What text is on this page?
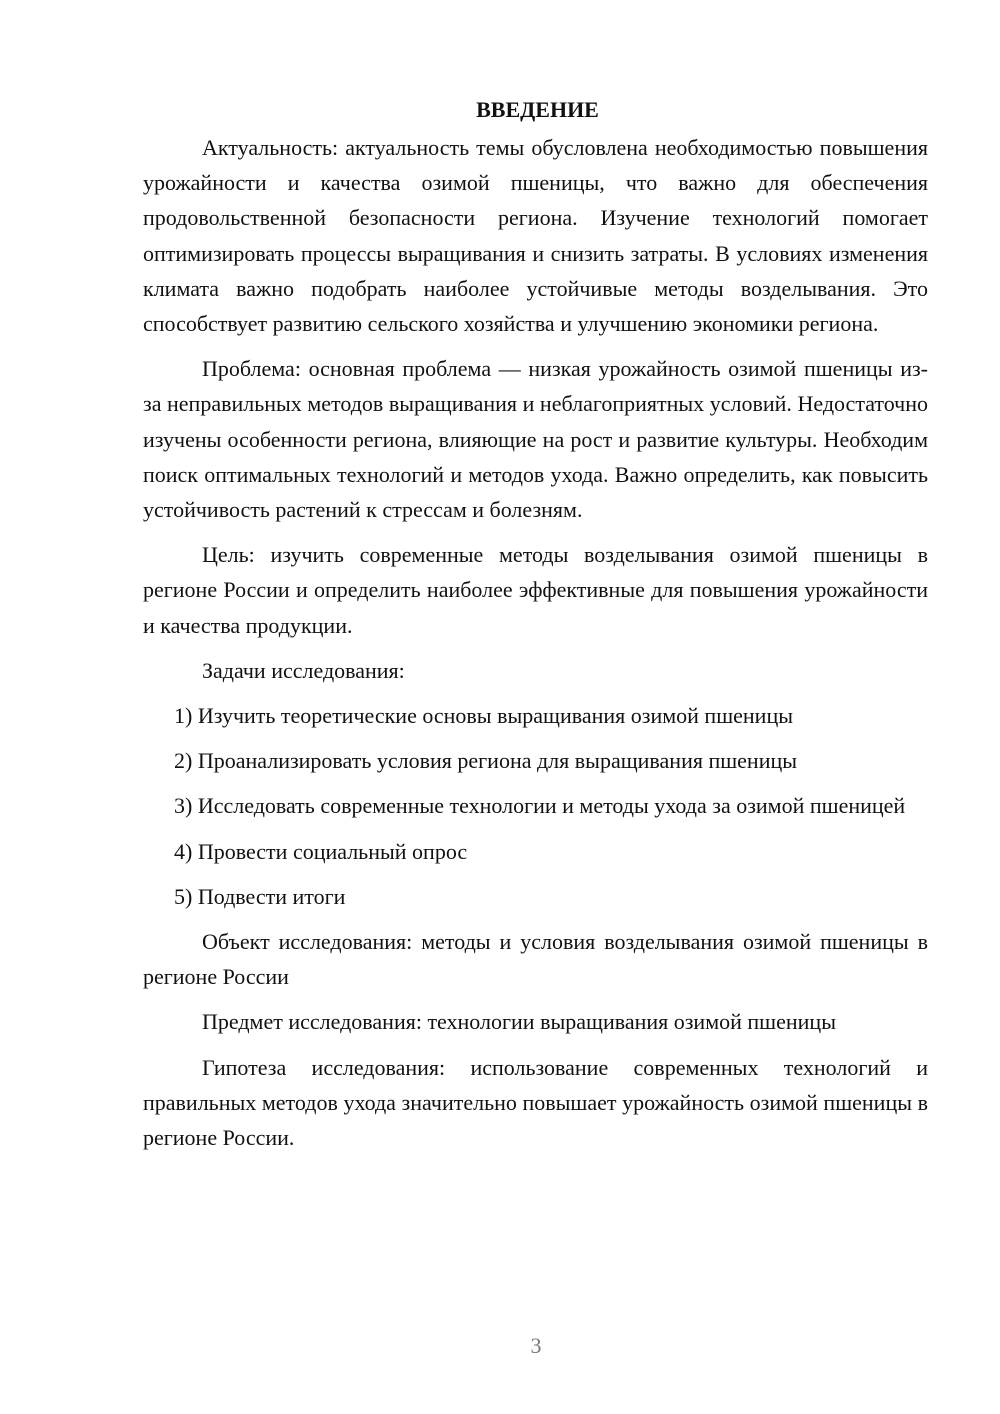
ВВЕДЕНИЕ

Актуальность: актуальность темы обусловлена необходимостью повышения урожайности и качества озимой пшеницы, что важно для обеспечения продовольственной безопасности региона. Изучение технологий помогает оптимизировать процессы выращивания и снизить затраты. В условиях изменения климата важно подобрать наиболее устойчивые методы возделывания. Это способствует развитию сельского хозяйства и улучшению экономики региона.

Проблема: основная проблема — низкая урожайность озимой пшеницы из-за неправильных методов выращивания и неблагоприятных условий. Недостаточно изучены особенности региона, влияющие на рост и развитие культуры. Необходим поиск оптимальных технологий и методов ухода. Важно определить, как повысить устойчивость растений к стрессам и болезням.

Цель: изучить современные методы возделывания озимой пшеницы в регионе России и определить наиболее эффективные для повышения урожайности и качества продукции.

Задачи исследования:

1) Изучить теоретические основы выращивания озимой пшеницы

2) Проанализировать условия региона для выращивания пшеницы

3) Исследовать современные технологии и методы ухода за озимой пшеницей

4) Провести социальный опрос

5) Подвести итоги

Объект исследования: методы и условия возделывания озимой пшеницы в регионе России

Предмет исследования: технологии выращивания озимой пшеницы

Гипотеза исследования: использование современных технологий и правильных методов ухода значительно повышает урожайность озимой пшеницы в регионе России.

3
